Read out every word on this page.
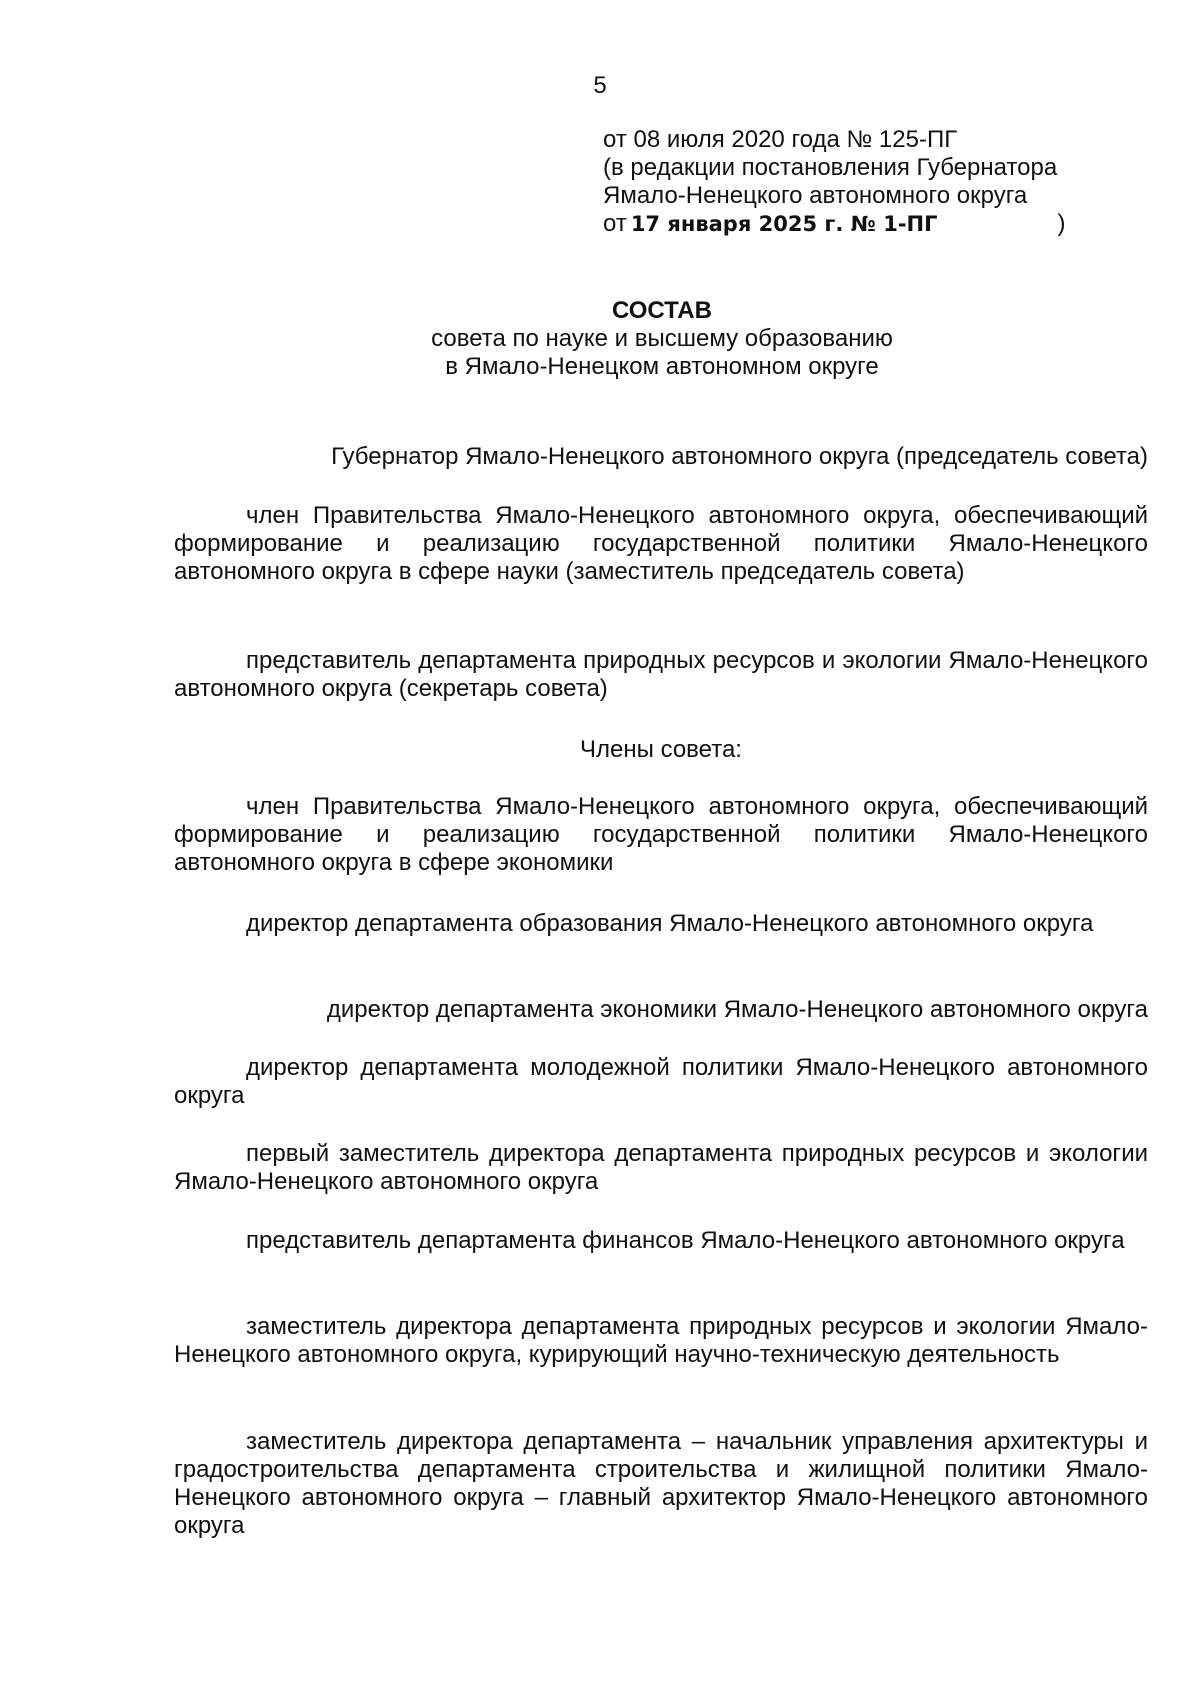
5
от 08 июля 2020 года № 125-ПГ
(в редакции постановления Губернатора
Ямало-Ненецкого автономного округа
от 17 января 2025 г. № 1-ПГ	)
СОСТАВ
совета по науке и высшему образованию
в Ямало-Ненецком автономном округе

Губернатор Ямало-Ненецкого автономного округа (председатель совета)

член Правительства Ямало-Ненецкого автономного округа, обеспечивающий формирование и реализацию государственной политики Ямало-Ненецкого автономного округа в сфере науки (заместитель председатель совета)

представитель департамента природных ресурсов и экологии Ямало-Ненецкого автономного округа (секретарь совета)

Члены совета:

член Правительства Ямало-Ненецкого автономного округа, обеспечивающий формирование и реализацию государственной политики Ямало-Ненецкого автономного округа в сфере экономики

директор департамента образования Ямало-Ненецкого автономного округа

директор департамента экономики Ямало-Ненецкого автономного округа

директор департамента молодежной политики Ямало-Ненецкого автономного округа

первый заместитель директора департамента природных ресурсов и экологии Ямало-Ненецкого автономного округа

представитель департамента финансов Ямало-Ненецкого автономного округа

заместитель директора департамента природных ресурсов и экологии Ямало-Ненецкого автономного округа, курирующий научно-техническую деятельность

заместитель директора департамента – начальник управления архитектуры и градостроительства департамента строительства и жилищной политики Ямало-Ненецкого автономного округа – главный архитектор Ямало-Ненецкого автономного округа
